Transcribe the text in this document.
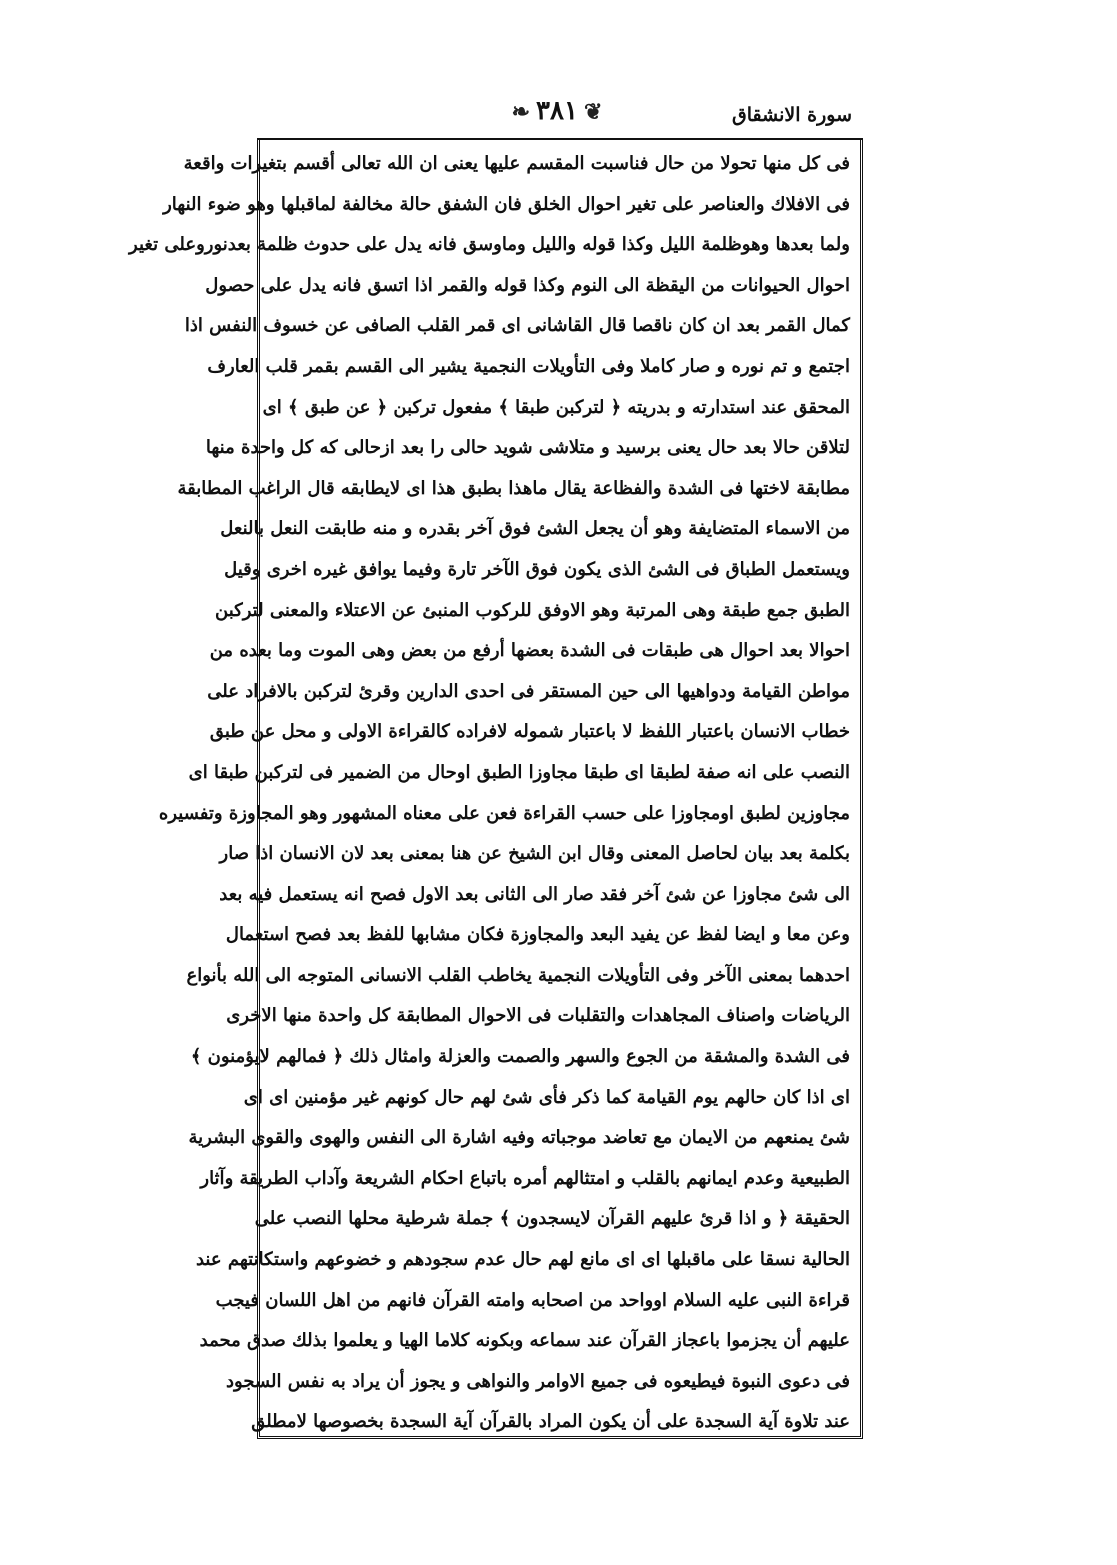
سورة الانشقاق
❦٣٨١❧
فى كل منها تحولا من حال فناسبت المقسم عليها يعنى ان الله تعالى أقسم بتغيرات واقعة
فى الافلاك والعناصر على تغير احوال الخلق فان الشفق حالة مخالفة لماقبلها وهو ضوء النهار
ولما بعدها وهوظلمة الليل وكذا قوله والليل وماوسق فانه يدل على حدوث ظلمة بعدنوروعلى تغير
احوال الحيوانات من اليقظة الى النوم وكذا قوله والقمر اذا اتسق فانه يدل على حصول
كمال القمر بعد ان كان ناقصا قال القاشانى اى قمر القلب الصافى عن خسوف النفس اذا
اجتمع و تم نوره و صار كاملا وفى التأويلات النجمية يشير الى القسم بقمر قلب العارف
المحقق عند استدارته و بدريته ﴿ لتركبن طبقا ﴾ مفعول تركبن ﴿ عن طبق ﴾ اى
لتلاقن حالا بعد حال يعنى برسيد و متلاشى شويد حالى را بعد ازحالى كه كل واحدة منها
مطابقة لاختها فى الشدة والفظاعة يقال ماهذا بطبق هذا اى لايطابقه قال الراغب المطابقة
من الاسماء المتضايفة وهو أن يجعل الشئ فوق آخر بقدره و منه طابقت النعل بالنعل
ويستعمل الطباق فى الشئ الذى يكون فوق الآخر تارة وفيما يوافق غيره اخرى وقيل
الطبق جمع طبقة وهى المرتبة وهو الاوفق للركوب المنبئ عن الاعتلاء والمعنى لتركبن
احوالا بعد احوال هى طبقات فى الشدة بعضها أرفع من بعض وهى الموت وما بعده من
مواطن القيامة ودواهيها الى حين المستقر فى احدى الدارين وقرئ لتركبن بالافراد على
خطاب الانسان باعتبار اللفظ لا باعتبار شموله لافراده كالقراءة الاولى و محل عن طبق
النصب على انه صفة لطبقا اى طبقا مجاوزا الطبق اوحال من الضمير فى لتركبن طبقا اى
مجاوزين لطبق اومجاوزا على حسب القراءة فعن على معناه المشهور وهو المجاوزة وتفسيره
بكلمة بعد بيان لحاصل المعنى وقال ابن الشيخ عن هنا بمعنى بعد لان الانسان اذا صار
الى شئ مجاوزا عن شئ آخر فقد صار الى الثانى بعد الاول فصح انه يستعمل فيه بعد
وعن معا و ايضا لفظ عن يفيد البعد والمجاوزة فكان مشابها للفظ بعد فصح استعمال
احدهما بمعنى الآخر وفى التأويلات النجمية يخاطب القلب الانسانى المتوجه الى الله بأنواع
الرياضات واصناف المجاهدات والتقلبات فى الاحوال المطابقة كل واحدة منها الاخرى
فى الشدة والمشقة من الجوع والسهر والصمت والعزلة وامثال ذلك ﴿ فمالهم لايؤمنون ﴾
اى اذا كان حالهم يوم القيامة كما ذكر فأى شئ لهم حال كونهم غير مؤمنين اى اى
شئ يمنعهم من الايمان مع تعاضد موجباته وفيه اشارة الى النفس والهوى والقوى البشرية
الطبيعية وعدم ايمانهم بالقلب و امتثالهم أمره باتباع احكام الشريعة وآداب الطريقة وآثار
الحقيقة ﴿ و اذا قرئ عليهم القرآن لايسجدون ﴾ جملة شرطية محلها النصب على
الحالية نسقا على ماقبلها اى اى مانع لهم حال عدم سجودهم و خضوعهم واستكانتهم عند
قراءة النبى عليه السلام اوواحد من اصحابه وامته القرآن فانهم من اهل اللسان فيجب
عليهم أن يجزموا باعجاز القرآن عند سماعه وبكونه كلاما الهيا و يعلموا بذلك صدق محمد
فى دعوى النبوة فيطيعوه فى جميع الاوامر والنواهى و يجوز أن يراد به نفس السجود
عند تلاوة آية السجدة على أن يكون المراد بالقرآن آية السجدة بخصوصها لامطلق
